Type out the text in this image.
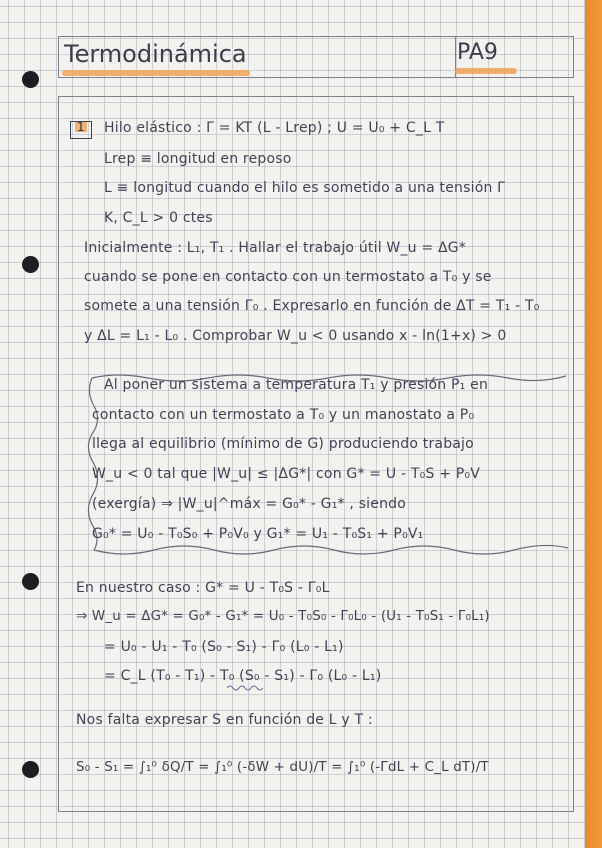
Termodinámica	PA9
1 Hilo elástico : Γ = KT (L - Lrep) ; U = U₀ + C_L T
Lrep ≡ longitud en reposo
L ≡ longitud cuando el hilo es sometido a una tensión Γ
K, C_L > 0 ctes
Inicialmente : L₁, T₁ . Hallar el trabajo útil W_u = ΔG*
cuando se pone en contacto con un termostato a T₀ y se
somete a una tensión Γ₀ . Expresarlo en función de ΔT = T₁ - T₀
y ΔL = L₁ - L₀ . Comprobar W_u < 0 usando x - ln(1+x) > 0
Al poner un sistema a temperatura T₁ y presión P₁ en
contacto con un termostato a T₀ y un manostato a P₀
llega al equilibrio (mínimo de G) produciendo trabajo
W_u < 0 tal que |W_u| ≤ |ΔG*| con G* = U - T₀S + P₀V
(exergía) ⇒ |W_u|^máx = G₀* - G₁* , siendo
G₀* = U₀ - T₀S₀ + P₀V₀ y G₁* = U₁ - T₀S₁ + P₀V₁
En nuestro caso : G* = U - T₀S - Γ₀L
⇒ W_u = ΔG* = G₀* - G₁* = U₀ - T₀S₀ - Γ₀L₀ - (U₁ - T₀S₁ - Γ₀L₁)
= U₀ - U₁ - T₀ (S₀ - S₁) - Γ₀ (L₀ - L₁)
= C_L (T₀ - T₁) - T₀ (S₀ - S₁) - Γ₀ (L₀ - L₁)
Nos falta expresar S en función de L y T :
S₀ - S₁ = ∫₁⁰ δQ/T = ∫₁⁰ (-δW + dU)/T = ∫₁⁰ (-ΓdL + C_L dT)/T
